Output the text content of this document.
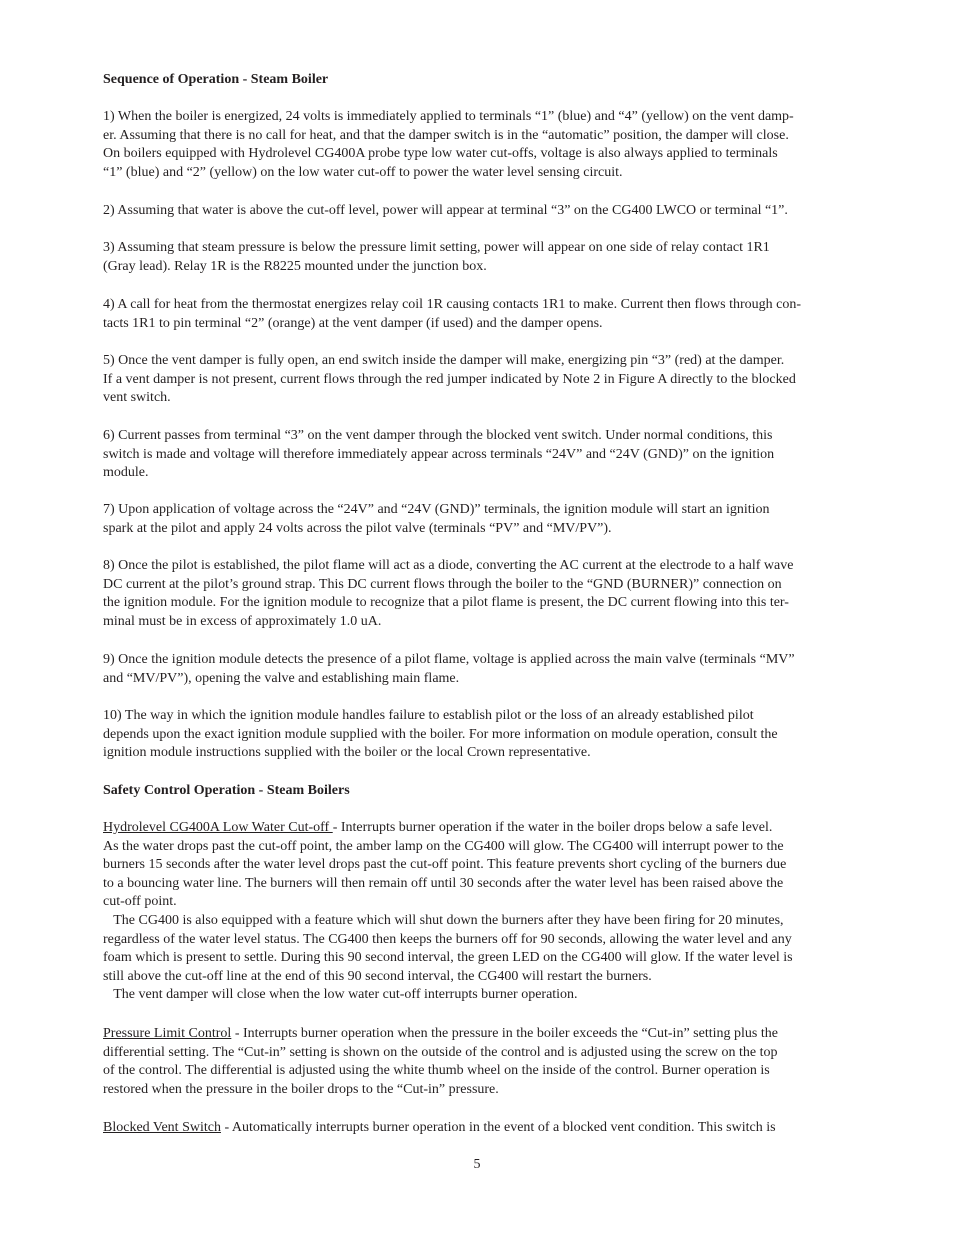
Sequence of Operation - Steam Boiler
1) When the boiler is energized, 24 volts is immediately applied to terminals “1” (blue) and “4” (yellow) on the vent damp-
er. Assuming that there is no call for heat, and that the damper switch is in the “automatic” position, the damper will close.
On boilers equipped with Hydrolevel CG400A probe type low water cut-offs, voltage is also always applied to terminals
“1” (blue) and “2” (yellow) on the low water cut-off to power the water level sensing circuit.
2) Assuming that water is above the cut-off level, power will appear at terminal “3” on the CG400 LWCO or terminal “1”.
3) Assuming that steam pressure is below the pressure limit setting, power will appear on one side of relay contact 1R1
(Gray lead). Relay 1R is the R8225 mounted under the junction box.
4) A call for heat from the thermostat energizes relay coil 1R causing contacts 1R1 to make. Current then flows through con-
tacts 1R1 to pin terminal “2” (orange) at the vent damper (if used) and the damper opens.
5) Once the vent damper is fully open, an end switch inside the damper will make, energizing pin “3” (red) at the damper.
If a vent damper is not present, current flows through the red jumper indicated by Note 2 in Figure A directly to the blocked
vent switch.
6) Current passes from terminal “3” on the vent damper through the blocked vent switch. Under normal conditions, this
switch is made and voltage will therefore immediately appear across terminals “24V” and “24V (GND)” on the ignition
module.
7) Upon application of voltage across the “24V” and “24V (GND)” terminals, the ignition module will start an ignition
spark at the pilot and apply 24 volts across the pilot valve (terminals “PV” and “MV/PV”).
8) Once the pilot is established, the pilot flame will act as a diode, converting the AC current at the electrode to a half wave
DC current at the pilot’s ground strap. This DC current flows through the boiler to the “GND (BURNER)” connection on
the ignition module. For the ignition module to recognize that a pilot flame is present, the DC current flowing into this ter-
minal must be in excess of approximately 1.0 uA.
9) Once the ignition module detects the presence of a pilot flame, voltage is applied across the main valve (terminals “MV”
and “MV/PV”), opening the valve and establishing main flame.
10) The way in which the ignition module handles failure to establish pilot or the loss of an already established pilot
depends upon the exact ignition module supplied with the boiler. For more information on module operation, consult the
ignition module instructions supplied with the boiler or the local Crown representative.
Safety Control Operation - Steam Boilers
Hydrolevel CG400A Low Water Cut-off - Interrupts burner operation if the water in the boiler drops below a safe level.
As the water drops past the cut-off point, the amber lamp on the CG400 will glow. The CG400 will interrupt power to the
burners 15 seconds after the water level drops past the cut-off point. This feature prevents short cycling of the burners due
to a bouncing water line. The burners will then remain off until 30 seconds after the water level has been raised above the
cut-off point.
The CG400 is also equipped with a feature which will shut down the burners after they have been firing for 20 minutes,
regardless of the water level status. The CG400 then keeps the burners off for 90 seconds, allowing the water level and any
foam which is present to settle. During this 90 second interval, the green LED on the CG400 will glow. If the water level is
still above the cut-off line at the end of this 90 second interval, the CG400 will restart the burners.
The vent damper will close when the low water cut-off interrupts burner operation.
Pressure Limit Control - Interrupts burner operation when the pressure in the boiler exceeds the “Cut-in” setting plus the
differential setting. The “Cut-in” setting is shown on the outside of the control and is adjusted using the screw on the top
of the control. The differential is adjusted using the white thumb wheel on the inside of the control. Burner operation is
restored when the pressure in the boiler drops to the “Cut-in” pressure.
Blocked Vent Switch - Automatically interrupts burner operation in the event of a blocked vent condition. This switch is
5
